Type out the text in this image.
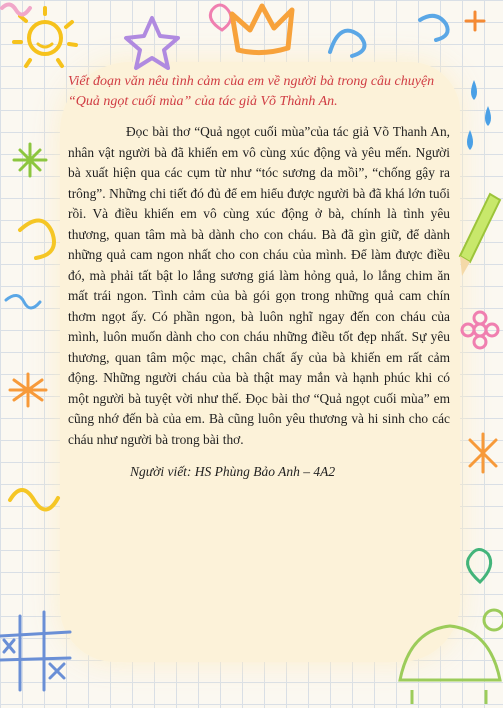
Viết đoạn văn nêu tình cảm của em về người bà trong câu chuyện “Quả ngọt cuối mùa” của tác giả Võ Thành An.

Đọc bài thơ “Quả ngọt cuối mùa”của tác giả Võ Thanh An, nhân vật người bà đã khiến em vô cùng xúc động và yêu mến. Người bà xuất hiện qua các cụm từ như “tóc sương da mồi”, “chống gậy ra trông”. Những chi tiết đó đủ để em hiểu được người bà đã khá lớn tuổi rồi. Và điều khiến em vô cùng xúc động ở bà, chính là tình yêu thương, quan tâm mà bà dành cho con cháu. Bà đã gìn giữ, để dành những quả cam ngon nhất cho con cháu của mình. Để làm được điều đó, mà phải tất bật lo lắng sương giá làm hỏng quả, lo lắng chim ăn mất trái ngon. Tình cảm của bà gói gọn trong những quả cam chín thơm ngọt ấy. Có phần ngon, bà luôn nghĩ ngay đến con cháu của mình, luôn muốn dành cho con cháu những điều tốt đẹp nhất. Sự yêu thương, quan tâm mộc mạc, chân chất ấy của bà khiến em rất cảm động. Những người cháu của bà thật may mắn và hạnh phúc khi có một người bà tuyệt vời như thế. Đọc bài thơ “Quả ngọt cuối mùa” em cũng nhớ đến bà của em. Bà cũng luôn yêu thương và hi sinh cho các cháu như người bà trong bài thơ.

Người viết: HS Phùng Bảo Anh – 4A2
